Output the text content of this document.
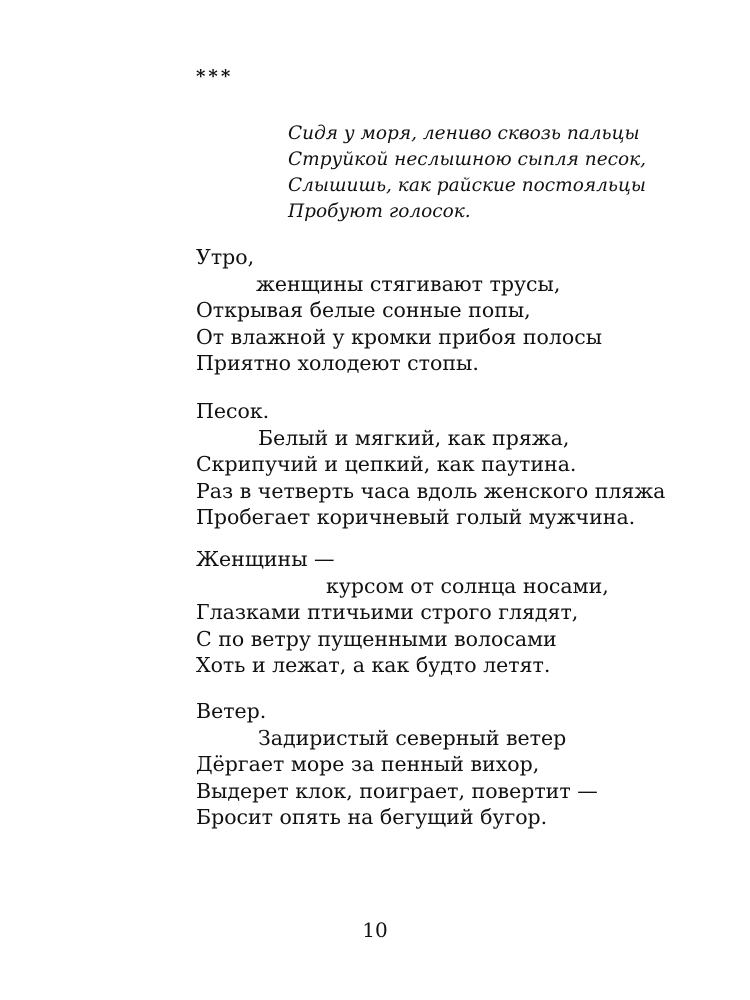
***
Сидя у моря, лениво сквозь пальцы
Струйкой неслышною сыпля песок,
Слышишь, как райские постояльцы
Пробуют голосок.
Утро,
женщины стягивают трусы,
Открывая белые сонные попы,
От влажной у кромки прибоя полосы
Приятно холодеют стопы.
Песок.
Белый и мягкий, как пряжа,
Скрипучий и цепкий, как паутина.
Раз в четверть часа вдоль женского пляжа
Пробегает коричневый голый мужчина.
Женщины —
курсом от солнца носами,
Глазками птичьими строго глядят,
С по ветру пущенными волосами
Хоть и лежат, а как будто летят.
Ветер.
Задиристый северный ветер
Дёргает море за пенный вихор,
Выдерет клок, поиграет, повертит —
Бросит опять на бегущий бугор.
10
